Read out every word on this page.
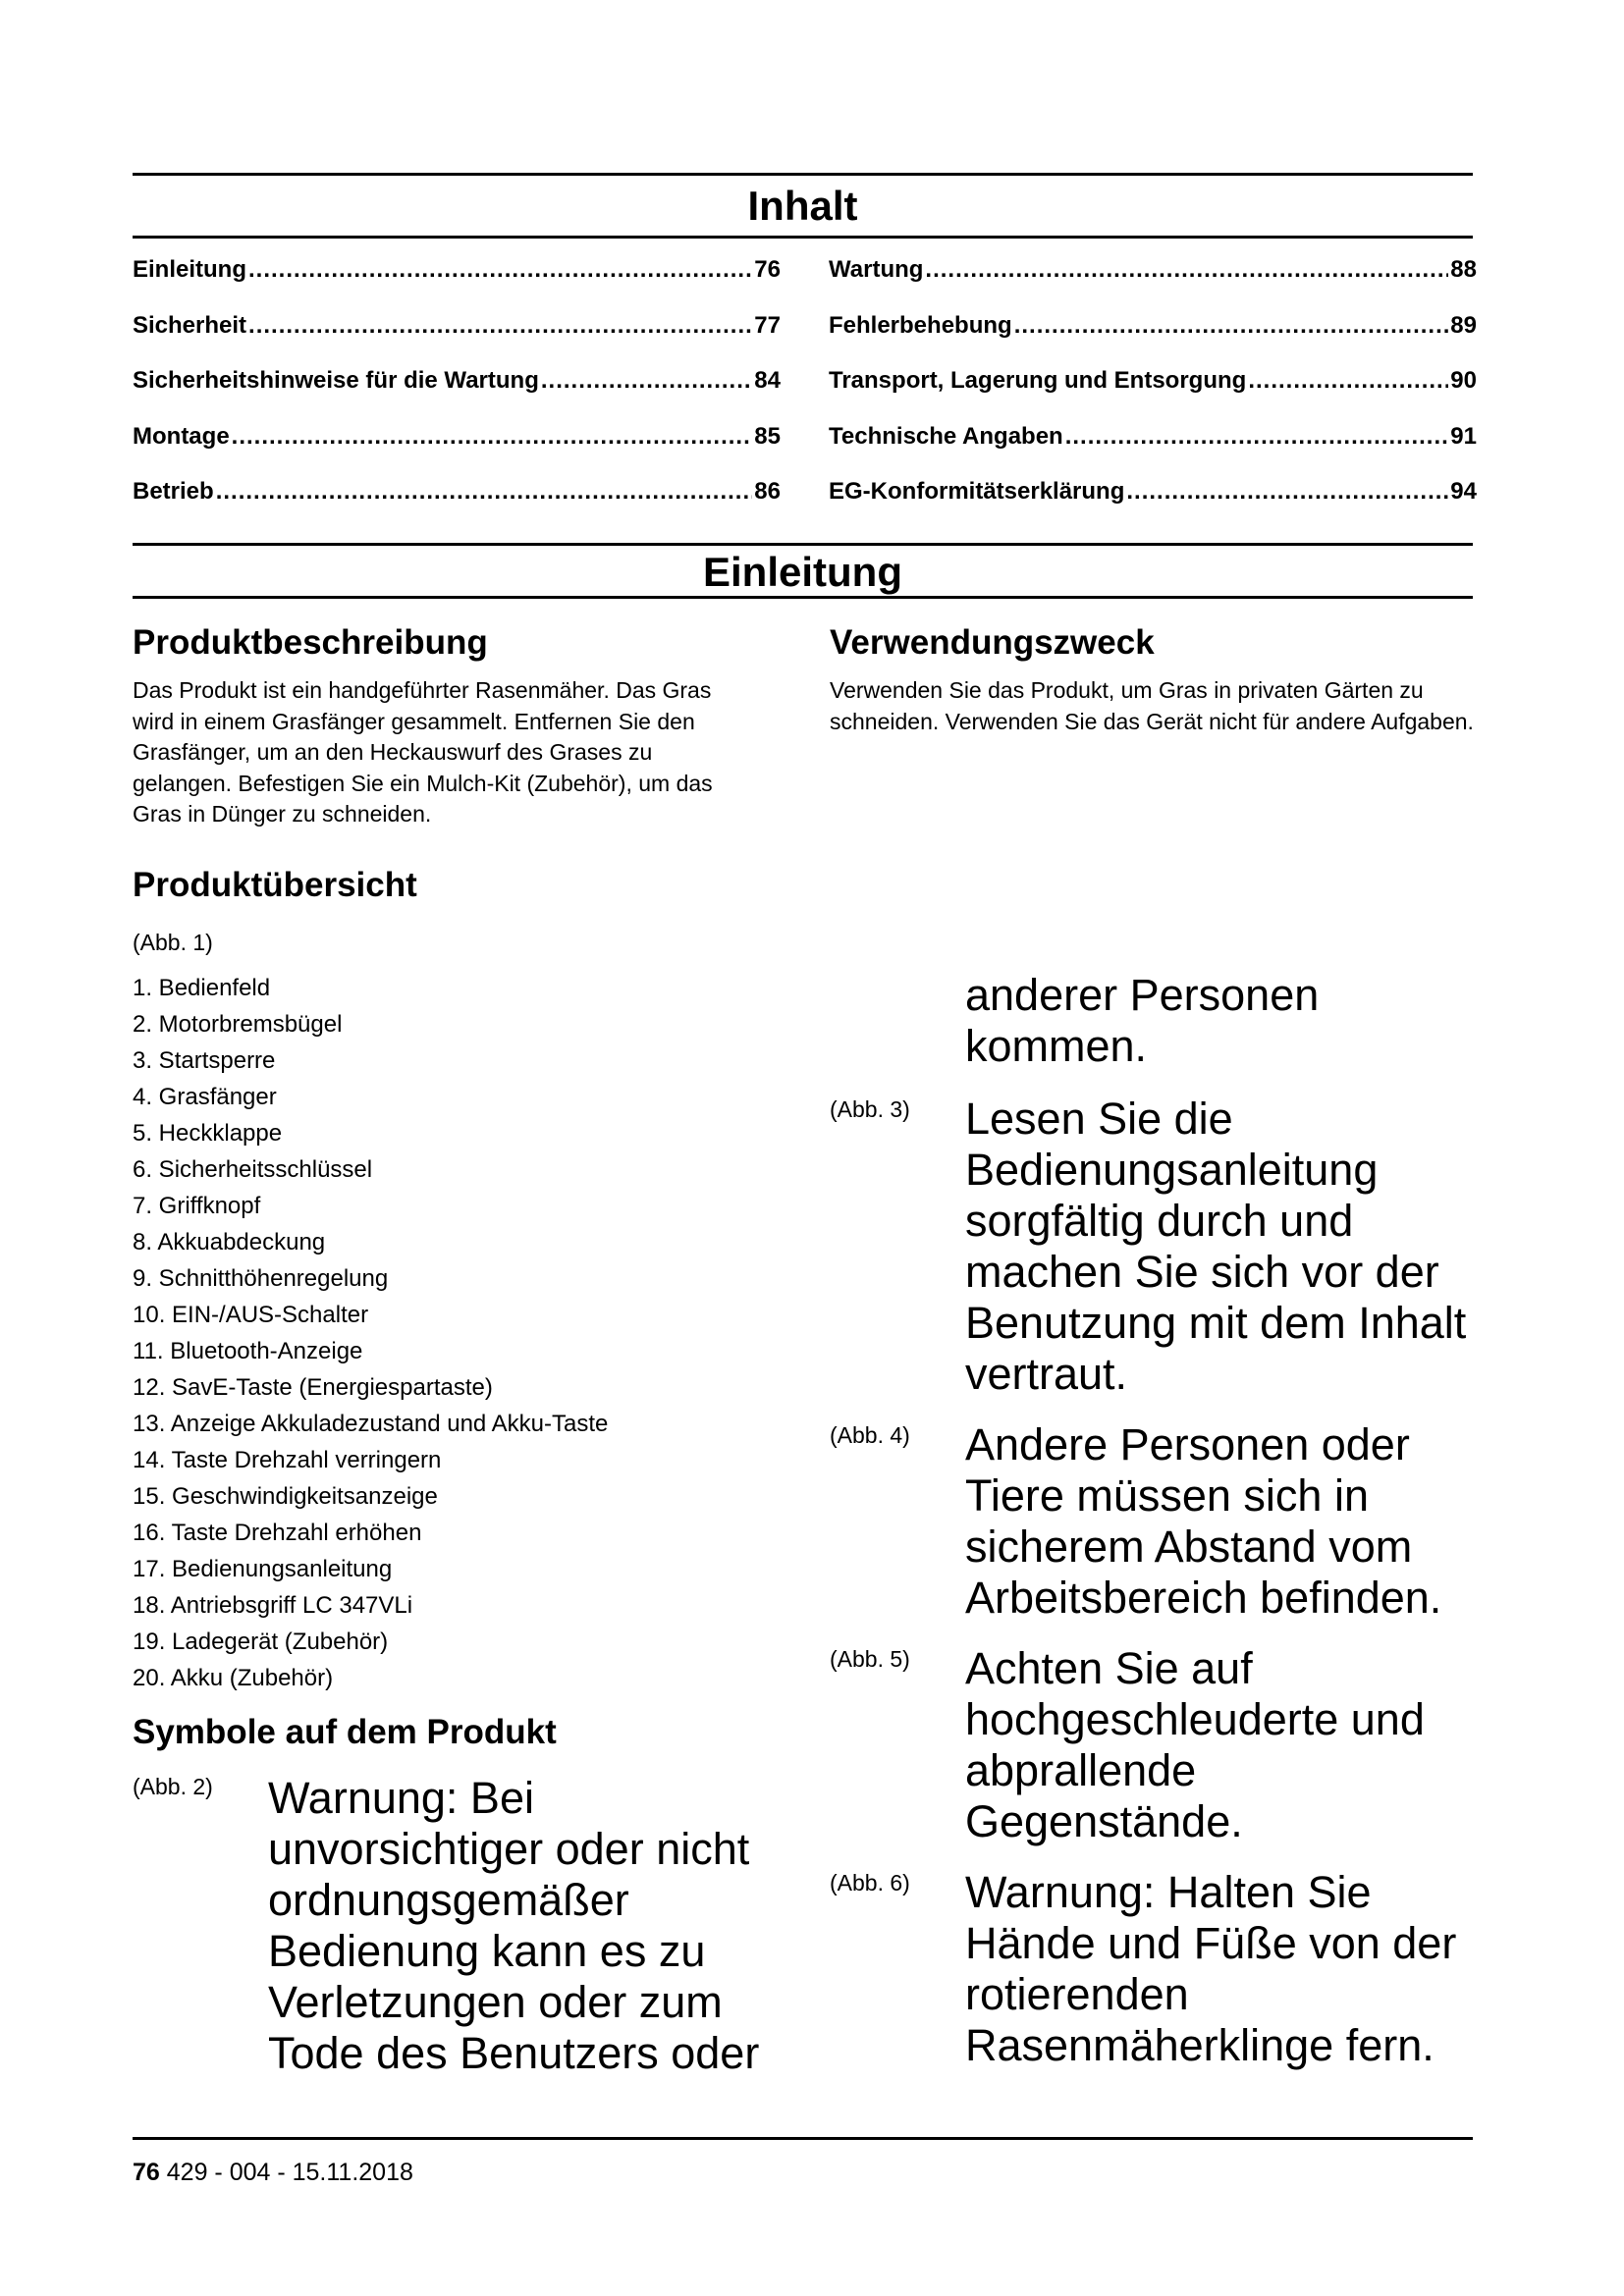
Inhalt
Einleitung .....	76
Sicherheit .....	77
Sicherheitshinweise für die Wartung .....	84
Montage .....	85
Betrieb .....	86
Wartung .....	88
Fehlerbehebung .....	89
Transport, Lagerung und Entsorgung .....	90
Technische Angaben .....	91
EG-Konformitätserklärung .....	94
Einleitung
Produktbeschreibung

Das Produkt ist ein handgeführter Rasenmäher. Das Gras wird in einem Grasfänger gesammelt. Entfernen Sie den Grasfänger, um an den Heckauswurf des Grases zu gelangen. Befestigen Sie ein Mulch-Kit (Zubehör), um das Gras in Dünger zu schneiden.

Verwendungszweck

Verwenden Sie das Produkt, um Gras in privaten Gärten zu schneiden. Verwenden Sie das Gerät nicht für andere Aufgaben.

Produktübersicht
(Abb. 1)
1. Bedienfeld
2. Motorbremsbügel
3. Startsperre
4. Grasfänger
5. Heckklappe
6. Sicherheitsschlüssel
7. Griffknopf
8. Akkuabdeckung
9. Schnitthöhenregelung
10. EIN-/AUS-Schalter
11. Bluetooth-Anzeige
12. SavE-Taste (Energiespartaste)
13. Anzeige Akkuladezustand und Akku-Taste
14. Taste Drehzahl verringern
15. Geschwindigkeitsanzeige
16. Taste Drehzahl erhöhen
17. Bedienungsanleitung
18. Antriebsgriff LC 347VLi
19. Ladegerät (Zubehör)
20. Akku (Zubehör)
Symbole auf dem Produkt
(Abb. 2) Warnung: Bei unvorsichtiger oder nicht ordnungsgemäßer Bedienung kann es zu Verletzungen oder zum Tode des Benutzers oder

anderer Personen kommen.

(Abb. 3) Lesen Sie die Bedienungsanleitung sorgfältig durch und machen Sie sich vor der Benutzung mit dem Inhalt vertraut.

(Abb. 4) Andere Personen oder Tiere müssen sich in sicherem Abstand vom Arbeitsbereich befinden.

(Abb. 5) Achten Sie auf hochgeschleuderte und abprallende Gegenstände.

(Abb. 6) Warnung: Halten Sie Hände und Füße von der rotierenden Rasenmäherklinge fern.

76 429 - 004 - 15.11.2018
